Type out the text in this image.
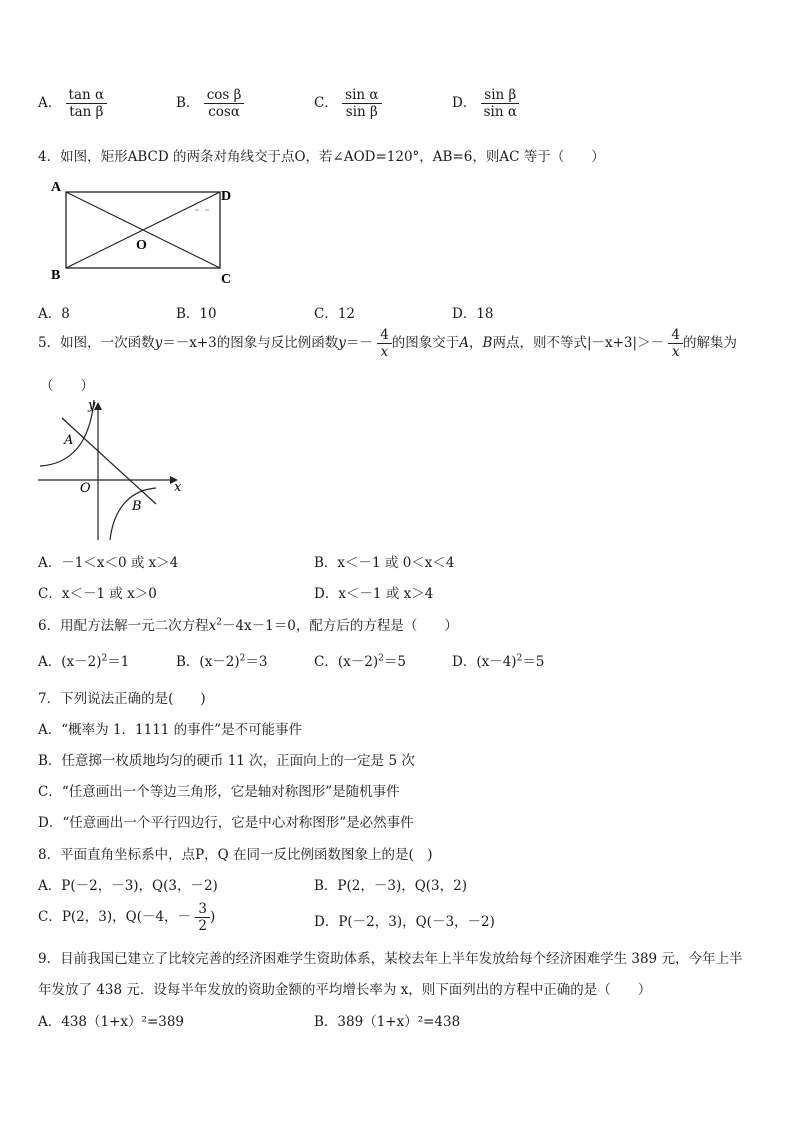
A． $\frac{\text{tan α}}{\text{tan β}}$	B． $\frac{\text{cos β}}{\cos\alpha}$	C． $\frac{\text{sin α}}{\text{sin β}}$	D． $\frac{\text{sin β}}{\text{sin α}}$
4．如图，矩形ABCD 的两条对角线交于点O，若∠AOD=120°，AB=6，则AC 等于（　　）
A
D
B	C
O
A．8	B．10	C．12	D．18
5．如图，一次函数y＝－x+3的图象与反比例函数$y=- \frac{4}{x}$ 的图象交于A，B两点，则不等式$|-x+3|>- \frac{4}{x}$ 的解集为
（　　）
y
x
O
A
B
A．－1＜x＜0 或 x＞4	B．x＜－1 或 0＜x＜4
C．x＜－1 或 x＞0	D．x＜－1 或 x＞4
6．用配方法解一元二次方程$x^2-4x-1=0$，配方后的方程是（　　）
A．$(x-2)^2=1$	B．$(x-2)^2=3$	C．$(x-2)^2=5$	D．$(x-4)^2=5$
7．下列说法正确的是(　　)
A．“概率为 1．1111 的事件”是不可能事件
B．任意掷一枚质地均匀的硬币 11 次，正面向上的一定是 5 次
C．“任意画出一个等边三角形，它是轴对称图形”是随机事件
D．“任意画出一个平行四边行，它是中心对称图形”是必然事件
8．平面直角坐标系中，点P，Q 在同一反比例函数图象上的是(　)
A．P(－2，－3)，Q(3，－2)	B．P(2，－3)，Q(3，2)
C．P(2，3)，Q(－4，－ $\frac{3}{2}$ )	D．P(－2，3)，Q(－3，－2)
9．目前我国已建立了比较完善的经济困难学生资助体系，某校去年上半年发放给每个经济困难学生 389 元，今年上半
年发放了 438 元．设每半年发放的资助金额的平均增长率为 x，则下面列出的方程中正确的是（　　）
A．438（1+x）²=389	B．389（1+x）²=438
